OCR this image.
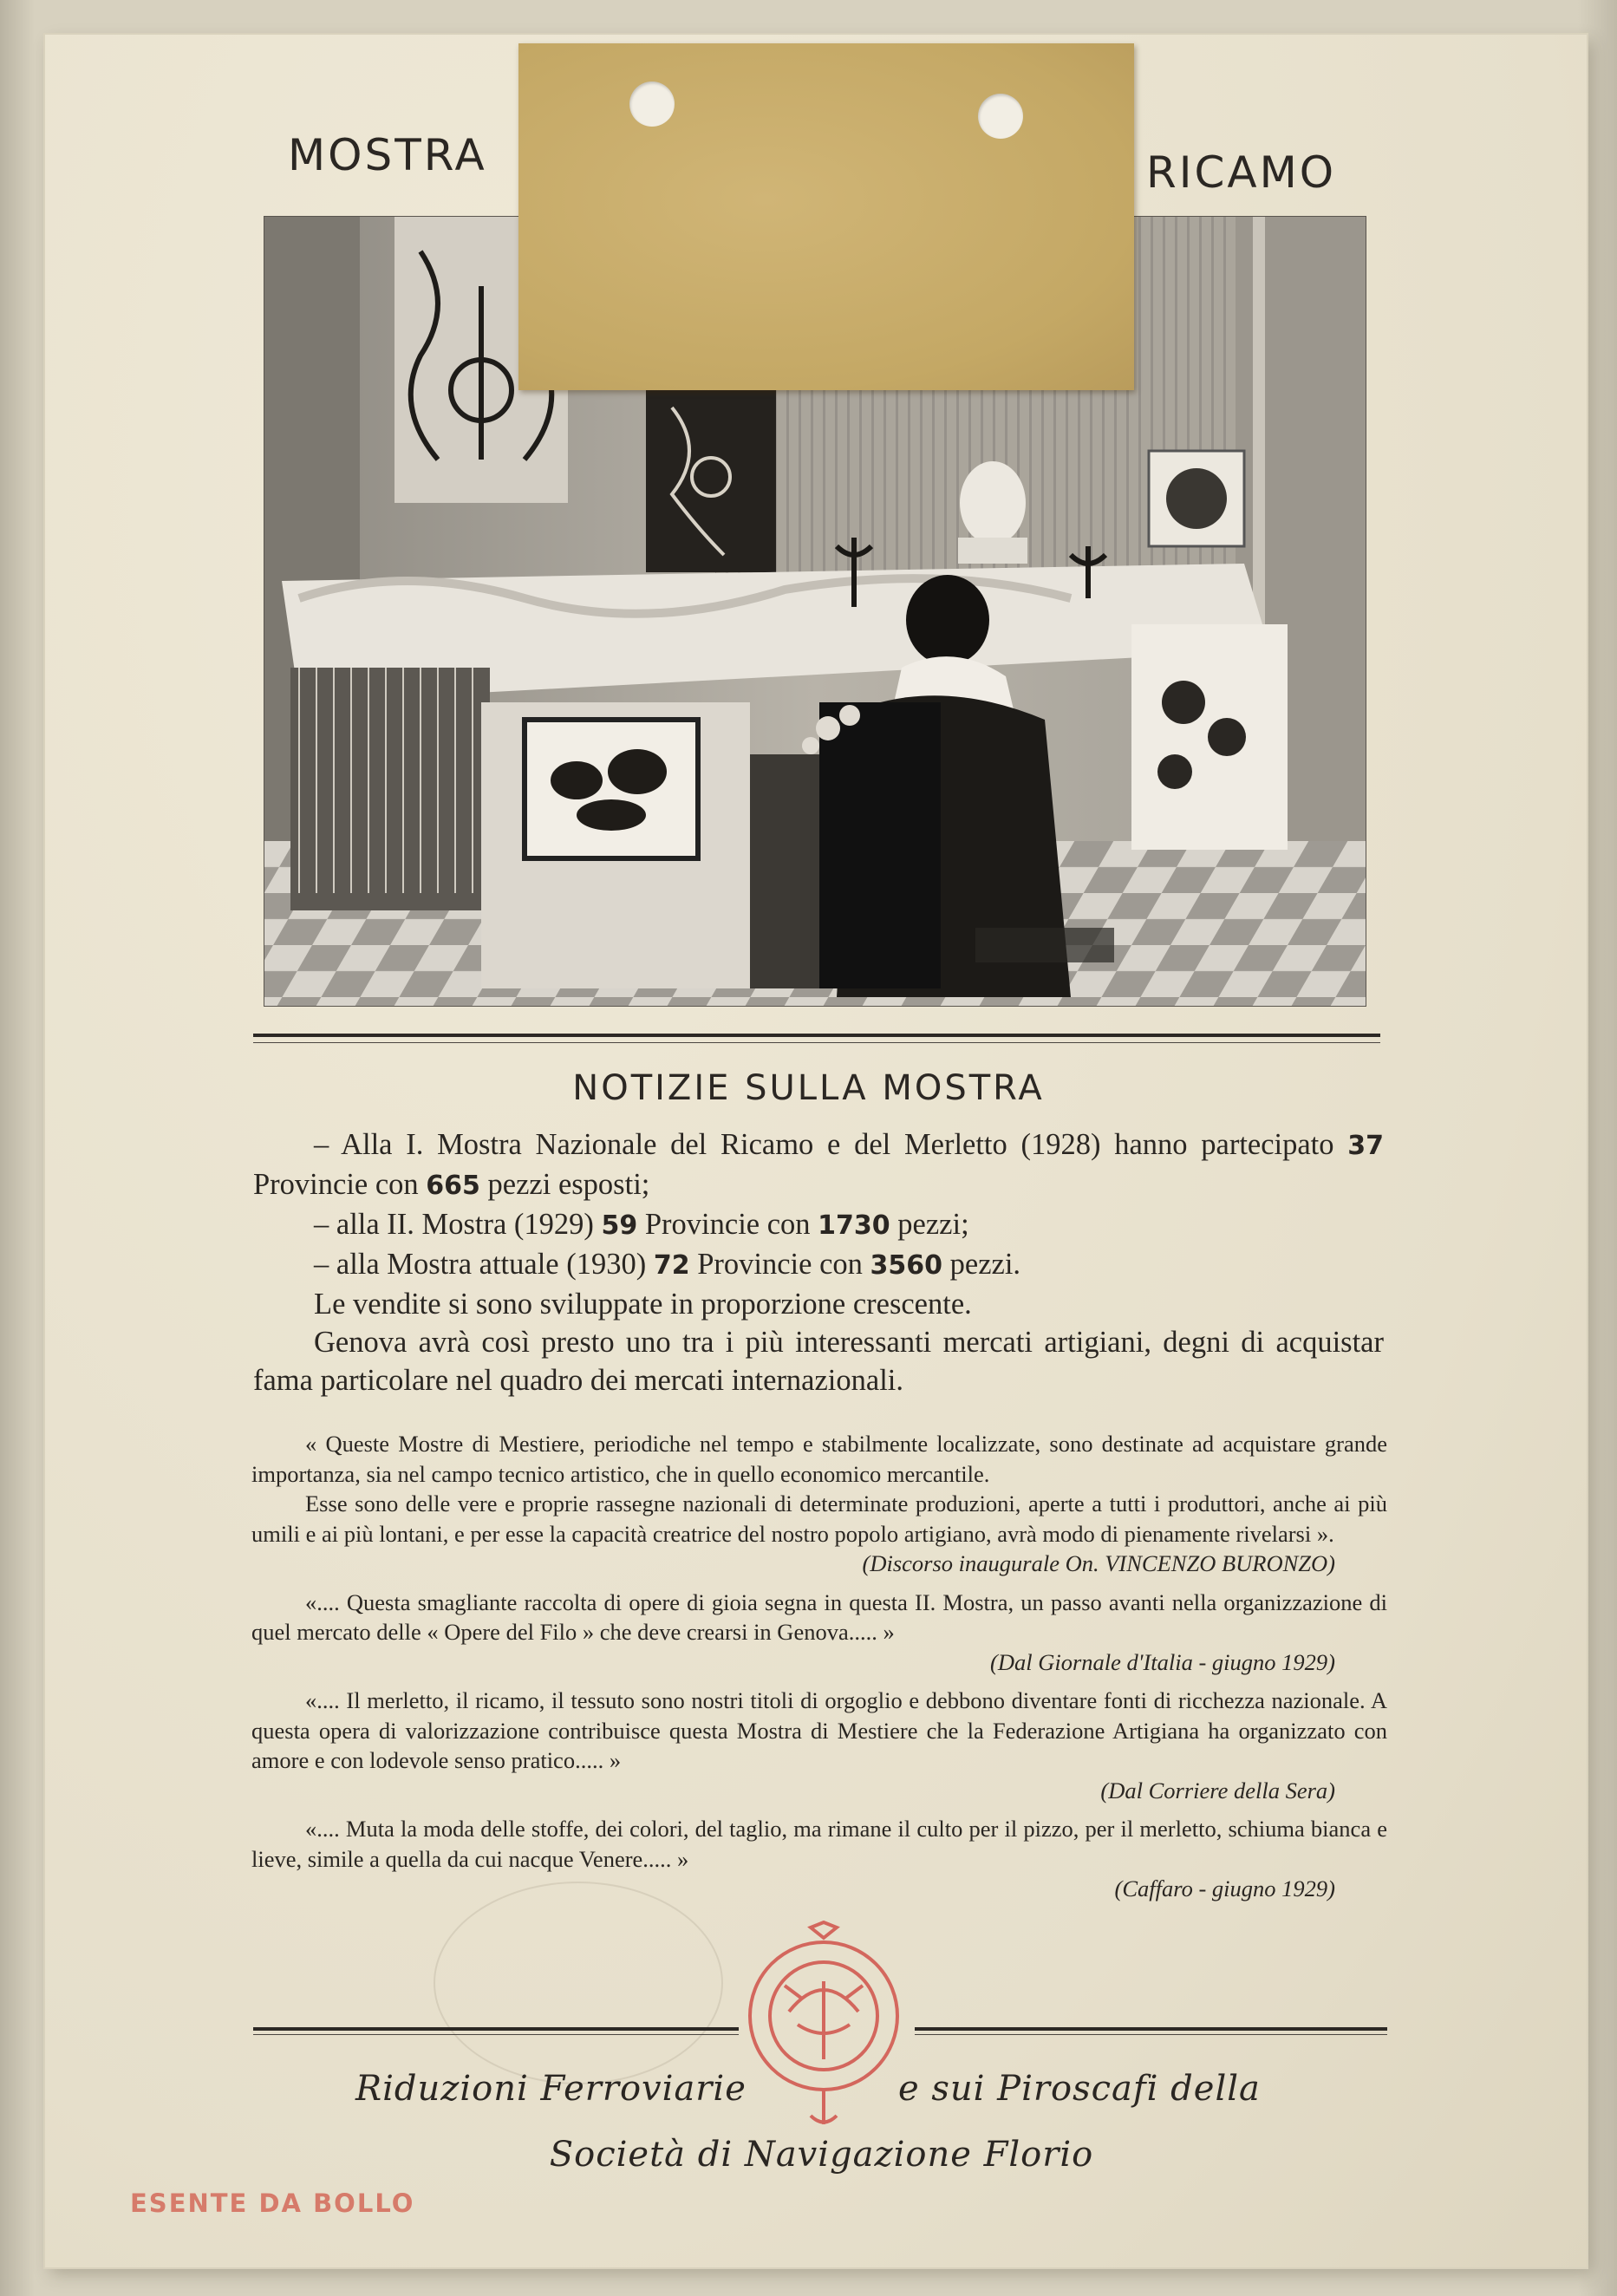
MOSTRA	RICAMO
NOTIZIE SULLA MOSTRA

– Alla I. Mostra Nazionale del Ricamo e del Merletto (1928) hanno partecipato 37 Provincie con 665 pezzi esposti;

– alla II. Mostra (1929) 59 Provincie con 1730 pezzi;

– alla Mostra attuale (1930) 72 Provincie con 3560 pezzi.

Le vendite si sono sviluppate in proporzione crescente.

Genova avrà così presto uno tra i più interessanti mercati artigiani, degni di acquistar fama particolare nel quadro dei mercati internazionali.

« Queste Mostre di Mestiere, periodiche nel tempo e stabilmente localizzate, sono destinate ad acquistare grande importanza, sia nel campo tecnico artistico, che in quello economico mercantile.

Esse sono delle vere e proprie rassegne nazionali di determinate produzioni, aperte a tutti i produttori, anche ai più umili e ai più lontani, e per esse la capacità creatrice del nostro popolo artigiano, avrà modo di pienamente rivelarsi ».

(Discorso inaugurale On. VINCENZO BURONZO)

«.... Questa smagliante raccolta di opere di gioia segna in questa II. Mostra, un passo avanti nella organizzazione di quel mercato delle « Opere del Filo » che deve crearsi in Genova..... »

(Dal Giornale d'Italia - giugno 1929)

«.... Il merletto, il ricamo, il tessuto sono nostri titoli di orgoglio e debbono diventare fonti di ricchezza nazionale. A questa opera di valorizzazione contribuisce questa Mostra di Mestiere che la Federazione Artigiana ha organizzato con amore e con lodevole senso pratico..... »

(Dal Corriere della Sera)

«.... Muta la moda delle stoffe, dei colori, del taglio, ma rimane il culto per il pizzo, per il merletto, schiuma bianca e lieve, simile a quella da cui nacque Venere..... »

(Caffaro - giugno 1929)

Riduzioni Ferroviarie	e sui Piroscafi della
Società di Navigazione Florio
ESENTE DA BOLLO
